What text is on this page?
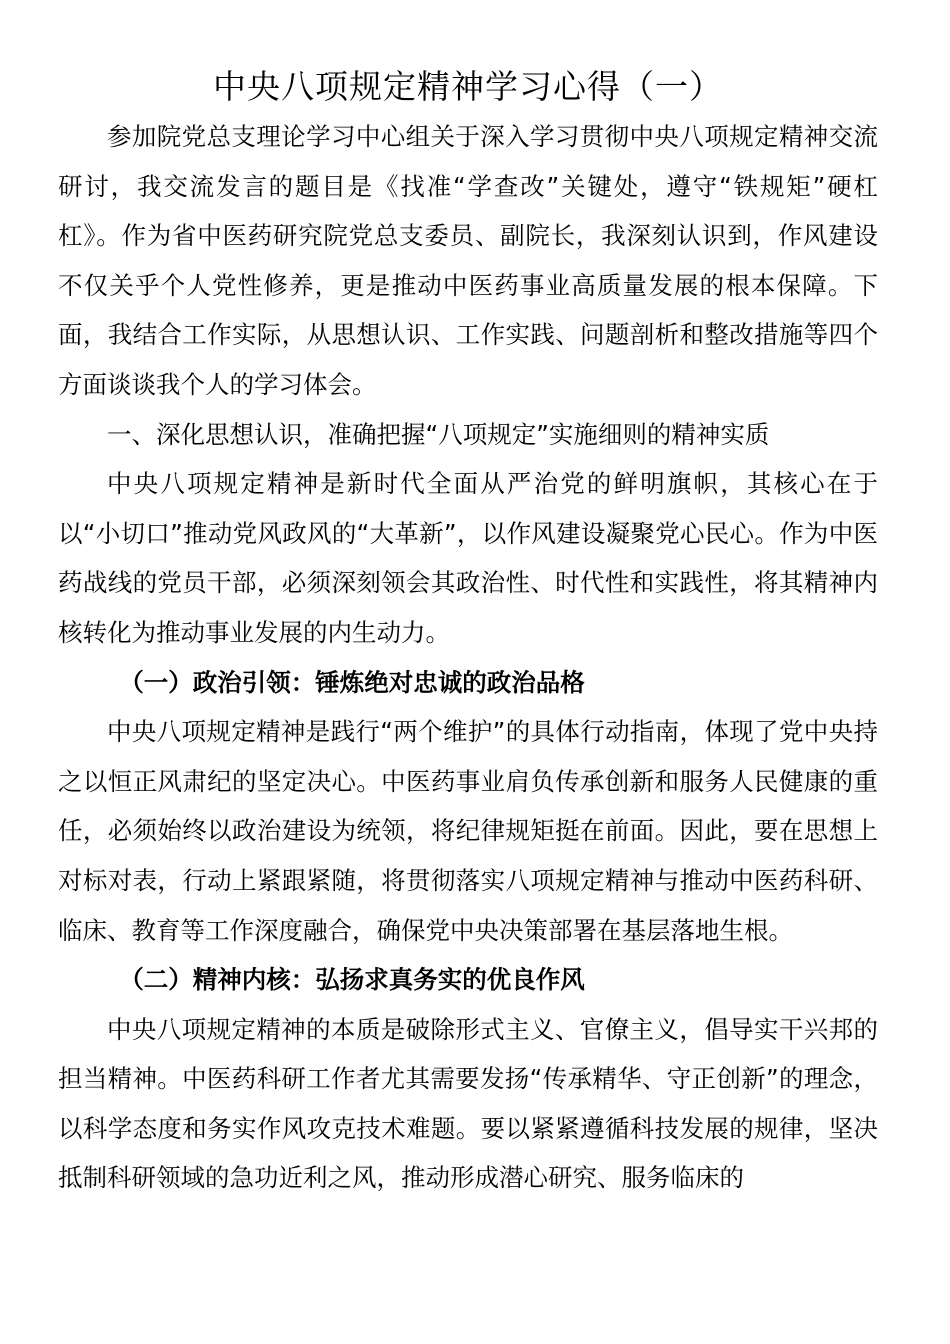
中央八项规定精神学习心得（一）

参加院党总支理论学习中心组关于深入学习贯彻中央八项规定精神交流研讨，我交流发言的题目是《找准“学查改”关键处，遵守“铁规矩”硬杠杠》。作为省中医药研究院党总支委员、副院长，我深刻认识到，作风建设不仅关乎个人党性修养，更是推动中医药事业高质量发展的根本保障。下面，我结合工作实际，从思想认识、工作实践、问题剖析和整改措施等四个方面谈谈我个人的学习体会。

一、深化思想认识，准确把握“八项规定”实施细则的精神实质

中央八项规定精神是新时代全面从严治党的鲜明旗帜，其核心在于以“小切口”推动党风政风的“大革新”，以作风建设凝聚党心民心。作为中医药战线的党员干部，必须深刻领会其政治性、时代性和实践性，将其精神内核转化为推动事业发展的内生动力。

（一）政治引领：锤炼绝对忠诚的政治品格

中央八项规定精神是践行“两个维护”的具体行动指南，体现了党中央持之以恒正风肃纪的坚定决心。中医药事业肩负传承创新和服务人民健康的重任，必须始终以政治建设为统领，将纪律规矩挺在前面。因此，要在思想上对标对表，行动上紧跟紧随，将贯彻落实八项规定精神与推动中医药科研、临床、教育等工作深度融合，确保党中央决策部署在基层落地生根。

（二）精神内核：弘扬求真务实的优良作风

中央八项规定精神的本质是破除形式主义、官僚主义，倡导实干兴邦的担当精神。中医药科研工作者尤其需要发扬“传承精华、守正创新”的理念，以科学态度和务实作风攻克技术难题。要以紧紧遵循科技发展的规律，坚决抵制科研领域的急功近利之风，推动形成潜心研究、服务临床的
